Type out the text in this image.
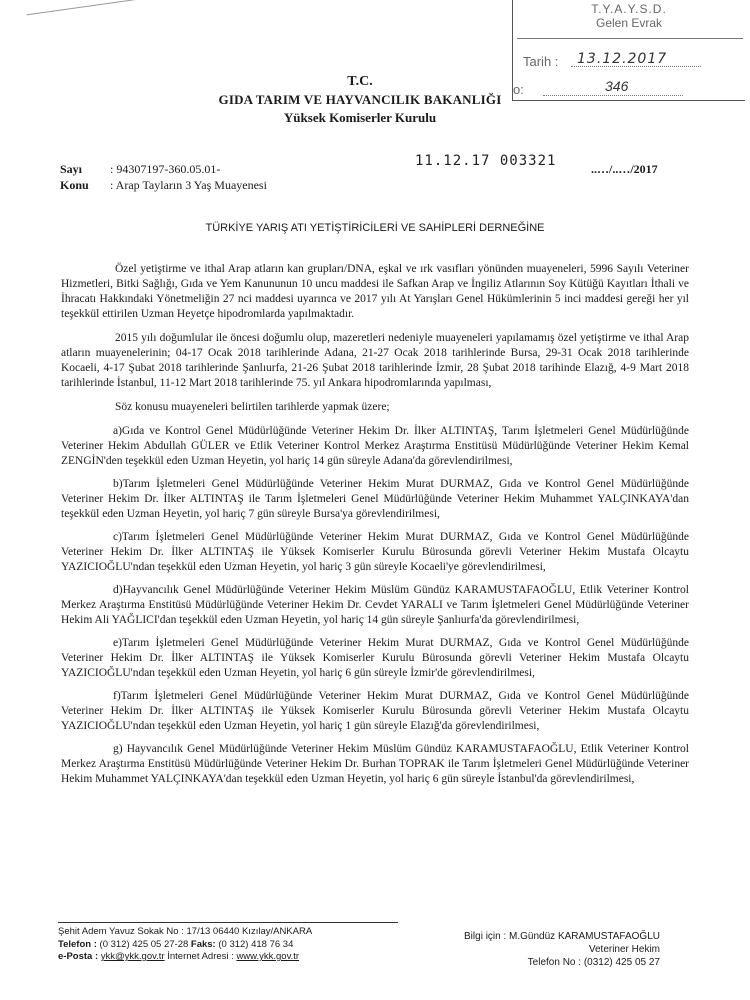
T.Y.A.Y.S.D.
Gelen Evrak
Tarih : 13.12.2017
o:	346
T.C.
GIDA TARIM VE HAYVANCILIK BAKANLIĞI
Yüksek Komiserler Kurulu
Sayı : 94307197-360.05.01-
Konu : Arap Tayların 3 Yaş Muayenesi
11.12.17 003321	..…/..…/2017
TÜRKİYE YARIŞ ATI YETİŞTİRİCİLERİ VE SAHİPLERİ DERNEĞİNE

Özel yetiştirme ve ithal Arap atların kan grupları/DNA, eşkal ve ırk vasıfları yönünden muayeneleri, 5996 Sayılı Veteriner Hizmetleri, Bitki Sağlığı, Gıda ve Yem Kanununun 10 uncu maddesi ile Safkan Arap ve İngiliz Atlarının Soy Kütüğü Kayıtları İthali ve İhracatı Hakkındaki Yönetmeliğin 27 nci maddesi uyarınca ve 2017 yılı At Yarışları Genel Hükümlerinin 5 inci maddesi gereği her yıl teşekkül ettirilen Uzman Heyetçe hipodromlarda yapılmaktadır.

2015 yılı doğumlular ile öncesi doğumlu olup, mazeretleri nedeniyle muayeneleri yapılamamış özel yetiştirme ve ithal Arap atların muayenelerinin; 04-17 Ocak 2018 tarihlerinde Adana, 21-27 Ocak 2018 tarihlerinde Bursa, 29-31 Ocak 2018 tarihlerinde Kocaeli, 4-17 Şubat 2018 tarihlerinde Şanlıurfa, 21-26 Şubat 2018 tarihlerinde İzmir, 28 Şubat 2018 tarihinde Elazığ, 4-9 Mart 2018 tarihlerinde İstanbul, 11-12 Mart 2018 tarihlerinde 75. yıl Ankara hipodromlarında yapılması,

Söz konusu muayeneleri belirtilen tarihlerde yapmak üzere;

a)Gıda ve Kontrol Genel Müdürlüğünde Veteriner Hekim Dr. İlker ALTINTAŞ, Tarım İşletmeleri Genel Müdürlüğünde Veteriner Hekim Abdullah GÜLER ve Etlik Veteriner Kontrol Merkez Araştırma Enstitüsü Müdürlüğünde Veteriner Hekim Kemal ZENGİN'den teşekkül eden Uzman Heyetin, yol hariç 14 gün süreyle Adana'da görevlendirilmesi,

b)Tarım İşletmeleri Genel Müdürlüğünde Veteriner Hekim Murat DURMAZ, Gıda ve Kontrol Genel Müdürlüğünde Veteriner Hekim Dr. İlker ALTINTAŞ ile Tarım İşletmeleri Genel Müdürlüğünde Veteriner Hekim Muhammet YALÇINKAYA'dan teşekkül eden Uzman Heyetin, yol hariç 7 gün süreyle Bursa'ya görevlendirilmesi,

c)Tarım İşletmeleri Genel Müdürlüğünde Veteriner Hekim Murat DURMAZ, Gıda ve Kontrol Genel Müdürlüğünde Veteriner Hekim Dr. İlker ALTINTAŞ ile Yüksek Komiserler Kurulu Bürosunda görevli Veteriner Hekim Mustafa Olcaytu YAZICIOĞLU'ndan teşekkül eden Uzman Heyetin, yol hariç 3 gün süreyle Kocaeli'ye görevlendirilmesi,

d)Hayvancılık Genel Müdürlüğünde Veteriner Hekim Müslüm Gündüz KARAMUSTAFAOĞLU, Etlik Veteriner Kontrol Merkez Araştırma Enstitüsü Müdürlüğünde Veteriner Hekim Dr. Cevdet YARALI ve Tarım İşletmeleri Genel Müdürlüğünde Veteriner Hekim Ali YAĞLICI'dan teşekkül eden Uzman Heyetin, yol hariç 14 gün süreyle Şanlıurfa'da görevlendirilmesi,

e)Tarım İşletmeleri Genel Müdürlüğünde Veteriner Hekim Murat DURMAZ, Gıda ve Kontrol Genel Müdürlüğünde Veteriner Hekim Dr. İlker ALTINTAŞ ile Yüksek Komiserler Kurulu Bürosunda görevli Veteriner Hekim Mustafa Olcaytu YAZICIOĞLU'ndan teşekkül eden Uzman Heyetin, yol hariç 6 gün süreyle İzmir'de görevlendirilmesi,

f)Tarım İşletmeleri Genel Müdürlüğünde Veteriner Hekim Murat DURMAZ, Gıda ve Kontrol Genel Müdürlüğünde Veteriner Hekim Dr. İlker ALTINTAŞ ile Yüksek Komiserler Kurulu Bürosunda görevli Veteriner Hekim Mustafa Olcaytu YAZICIOĞLU'ndan teşekkül eden Uzman Heyetin, yol hariç 1 gün süreyle Elazığ'da görevlendirilmesi,

g) Hayvancılık Genel Müdürlüğünde Veteriner Hekim Müslüm Gündüz KARAMUSTAFAOĞLU, Etlik Veteriner Kontrol Merkez Araştırma Enstitüsü Müdürlüğünde Veteriner Hekim Dr. Burhan TOPRAK ile Tarım İşletmeleri Genel Müdürlüğünde Veteriner Hekim Muhammet YALÇINKAYA'dan teşekkül eden Uzman Heyetin, yol hariç 6 gün süreyle İstanbul'da görevlendirilmesi,

Şehit Adem Yavuz Sokak No : 17/13 06440 Kızılay/ANKARA
Telefon : (0 312) 425 05 27-28 Faks: (0 312) 418 76 34
e-Posta : ykk@ykk.gov.tr İnternet Adresi : www.ykk.gov.tr
Bilgi için : M.Gündüz KARAMUSTAFAOĞLU
Veteriner Hekim
Telefon No : (0312) 425 05 27
